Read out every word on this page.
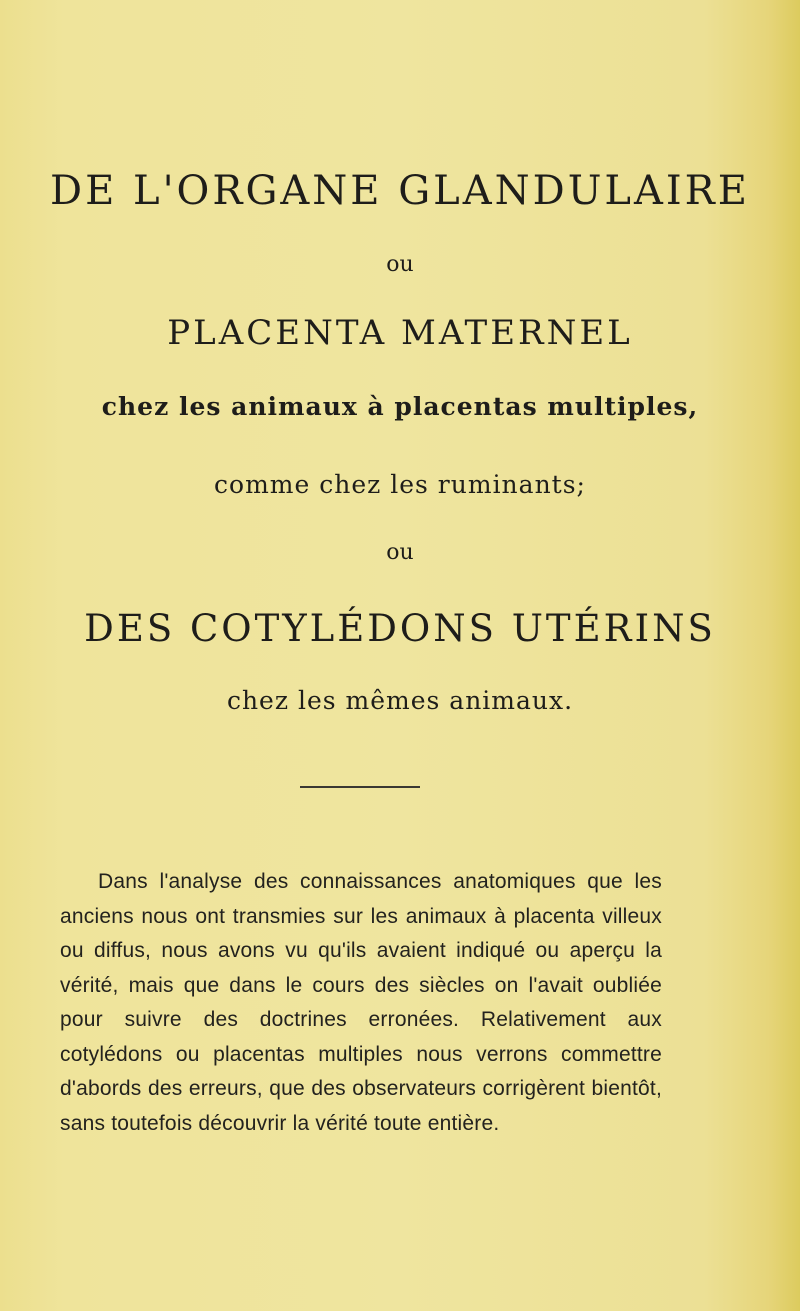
DE L'ORGANE GLANDULAIRE
ou
PLACENTA MATERNEL
chez les animaux à placentas multiples,
comme chez les ruminants;
ou
DES COTYLÉDONS UTÉRINS
chez les mêmes animaux.
Dans l'analyse des connaissances anatomiques que les anciens nous ont transmies sur les animaux à placenta villeux ou diffus, nous avons vu qu'ils avaient indiqué ou aperçu la vérité, mais que dans le cours des siècles on l'avait oubliée pour suivre des doctrines erronées. Relativement aux cotylédons ou placentas multiples nous verrons commettre d'abords des erreurs, que des observateurs corrigèrent bientôt, sans toutefois découvrir la vérité toute entière.
